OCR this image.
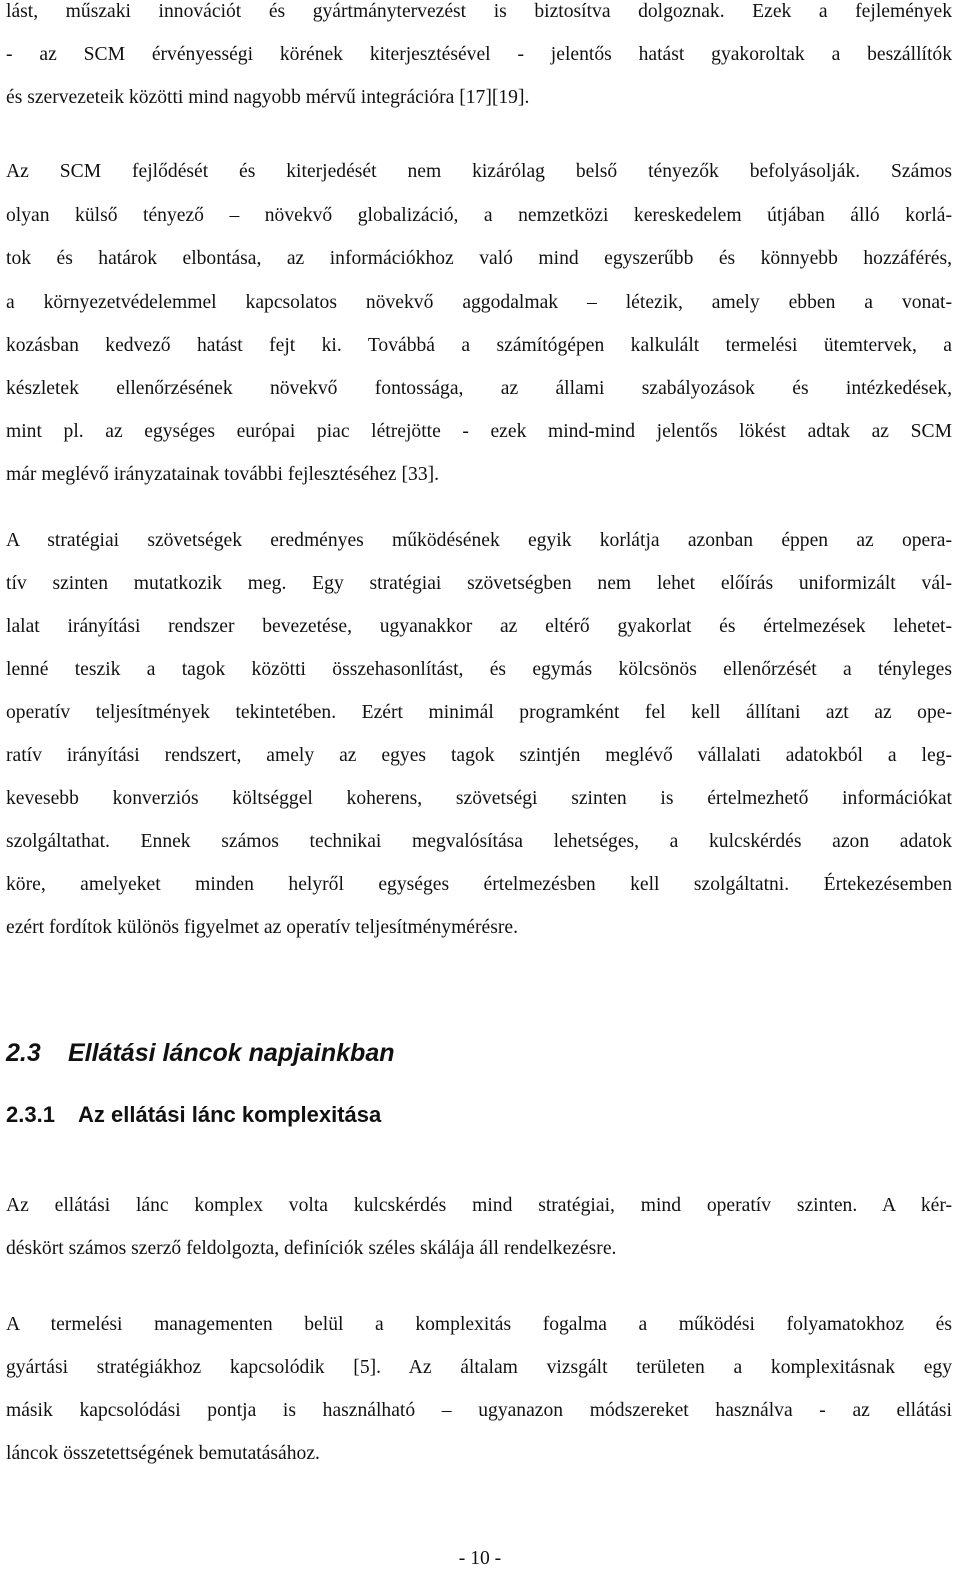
lást, műszaki innovációt és gyártmánytervezést is biztosítva dolgoznak. Ezek a fejlemények
- az SCM érvényességi körének kiterjesztésével - jelentős hatást gyakoroltak a beszállítók
és szervezeteik közötti mind nagyobb mérvű integrációra [17][19].
Az SCM fejlődését és kiterjedését nem kizárólag belső tényezők befolyásolják. Számos
olyan külső tényező – növekvő globalizáció, a nemzetközi kereskedelem útjában álló korlá-
tok és határok elbontása, az információkhoz való mind egyszerűbb és könnyebb hozzáférés,
a környezetvédelemmel kapcsolatos növekvő aggodalmak – létezik, amely ebben a vonat-
kozásban kedvező hatást fejt ki. Továbbá a számítógépen kalkulált termelési ütemtervek, a
készletek ellenőrzésének növekvő fontossága, az állami szabályozások és intézkedések,
mint pl. az egységes európai piac létrejötte - ezek mind-mind jelentős lökést adtak az SCM
már meglévő irányzatainak további fejlesztéséhez [33].
A stratégiai szövetségek eredményes működésének egyik korlátja azonban éppen az opera-
tív szinten mutatkozik meg. Egy stratégiai szövetségben nem lehet előírás uniformizált vál-
lalat irányítási rendszer bevezetése, ugyanakkor az eltérő gyakorlat és értelmezések lehetet-
lenné teszik a tagok közötti összehasonlítást, és egymás kölcsönös ellenőrzését a tényleges
operatív teljesítmények tekintetében. Ezért minimál programként fel kell állítani azt az ope-
ratív irányítási rendszert, amely az egyes tagok szintjén meglévő vállalati adatokból a leg-
kevesebb konverziós költséggel koherens, szövetségi szinten is értelmezhető információkat
szolgáltathat. Ennek számos technikai megvalósítása lehetséges, a kulcskérdés azon adatok
köre, amelyeket minden helyről egységes értelmezésben kell szolgáltatni. Értekezésemben
ezért fordítok különös figyelmet az operatív teljesítménymérésre.
2.3 Ellátási láncok napjainkban
2.3.1 Az ellátási lánc komplexitása
Az ellátási lánc komplex volta kulcskérdés mind stratégiai, mind operatív szinten. A kér-
déskört számos szerző feldolgozta, definíciók széles skálája áll rendelkezésre.
A termelési managementen belül a komplexitás fogalma a működési folyamatokhoz és
gyártási stratégiákhoz kapcsolódik [5]. Az általam vizsgált területen a komplexitásnak egy
másik kapcsolódási pontja is használható – ugyanazon módszereket használva - az ellátási
láncok összetettségének bemutatásához.
- 10 -
